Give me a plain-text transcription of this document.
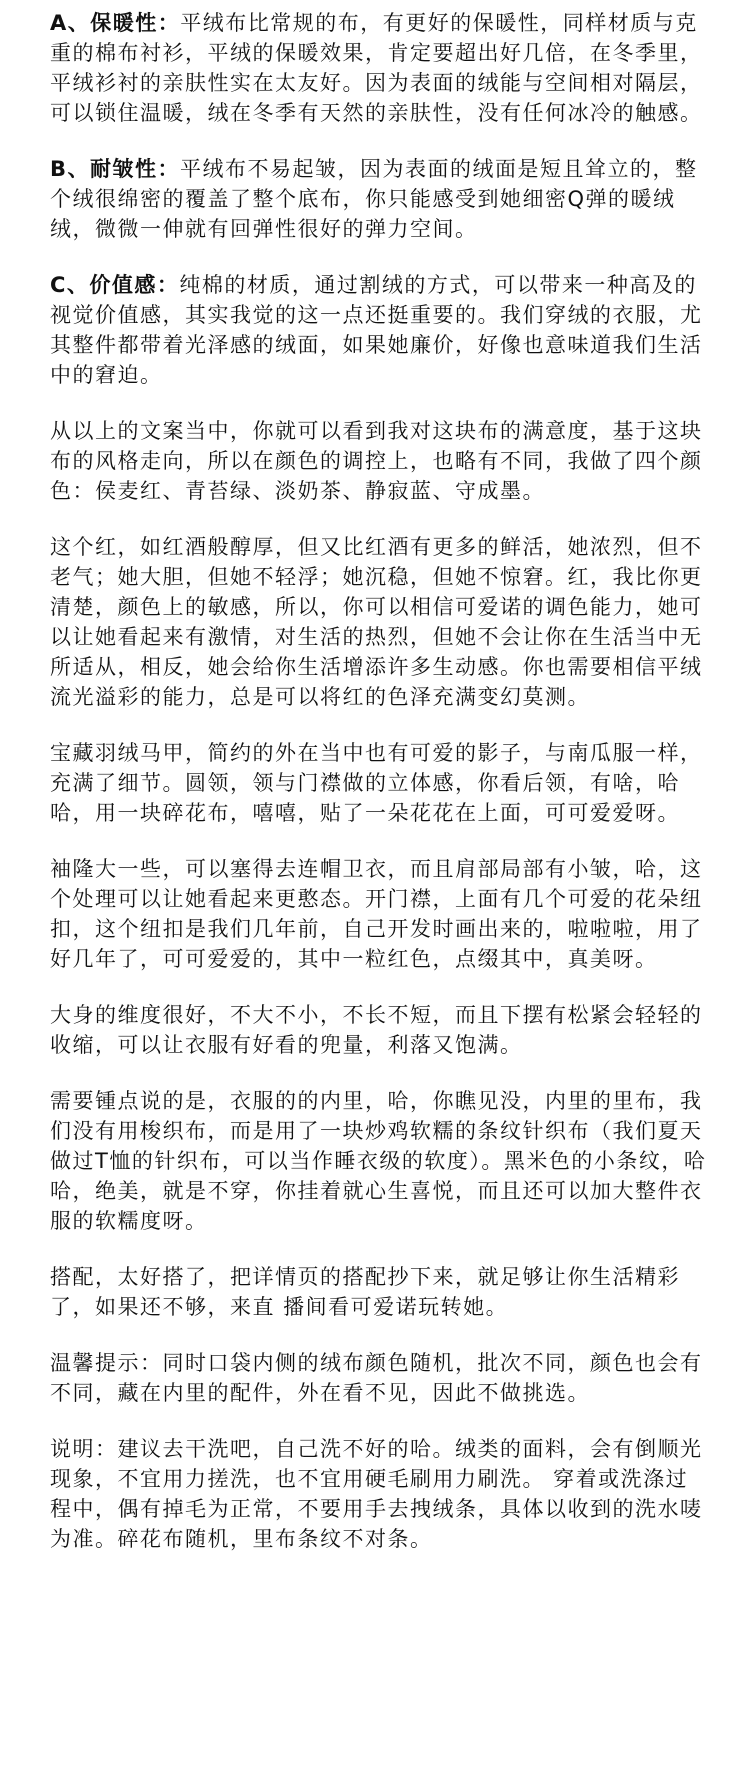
A、保暖性：平绒布比常规的布，有更好的保暖性，同样材质与克重的棉布衬衫，平绒的保暖效果，肯定要超出好几倍，在冬季里，平绒衫衬的亲肤性实在太友好。因为表面的绒能与空间相对隔层，可以锁住温暖，绒在冬季有天然的亲肤性，没有任何冰冷的触感。

B、耐皱性：平绒布不易起皱，因为表面的绒面是短且耸立的，整个绒很绵密的覆盖了整个底布，你只能感受到她细密Q弹的暖绒绒，微微一伸就有回弹性很好的弹力空间。

C、价值感：纯棉的材质，通过割绒的方式，可以带来一种高及的视觉价值感，其实我觉的这一点还挺重要的。我们穿绒的衣服，尤其整件都带着光泽感的绒面，如果她廉价，好像也意味道我们生活中的窘迫。

从以上的文案当中，你就可以看到我对这块布的满意度，基于这块布的风格走向，所以在颜色的调控上，也略有不同，我做了四个颜色：侯麦红、青苔绿、淡奶茶、静寂蓝、守成墨。

这个红，如红酒般醇厚，但又比红酒有更多的鲜活，她浓烈，但不老气；她大胆，但她不轻浮；她沉稳，但她不惊窘。红，我比你更清楚，颜色上的敏感，所以，你可以相信可爱诺的调色能力，她可以让她看起来有激情，对生活的热烈，但她不会让你在生活当中无所适从，相反，她会给你生活增添许多生动感。你也需要相信平绒流光溢彩的能力，总是可以将红的色泽充满变幻莫测。

宝藏羽绒马甲，简约的外在当中也有可爱的影子，与南瓜服一样，充满了细节。圆领，领与门襟做的立体感，你看后领，有啥，哈哈，用一块碎花布，嘻嘻，贴了一朵花花在上面，可可爱爱呀。

袖隆大一些，可以塞得去连帽卫衣，而且肩部局部有小皱，哈，这个处理可以让她看起来更憨态。开门襟，上面有几个可爱的花朵纽扣，这个纽扣是我们几年前，自己开发时画出来的，啦啦啦，用了好几年了，可可爱爱的，其中一粒红色，点缀其中，真美呀。

大身的维度很好，不大不小，不长不短，而且下摆有松紧会轻轻的收缩，可以让衣服有好看的兜量，利落又饱满。

需要锺点说的是，衣服的的内里，哈，你瞧见没，内里的里布，我们没有用梭织布，而是用了一块炒鸡软糯的条纹针织布（我们夏天做过T恤的针织布，可以当作睡衣级的软度）。黑米色的小条纹，哈哈，绝美，就是不穿，你挂着就心生喜悦，而且还可以加大整件衣服的软糯度呀。

搭配，太好搭了，把详情页的搭配抄下来，就足够让你生活精彩了，如果还不够，来直 播间看可爱诺玩转她。

温馨提示：同时口袋内侧的绒布颜色随机，批次不同，颜色也会有不同，藏在内里的配件，外在看不见，因此不做挑选。

说明：建议去干洗吧，自己洗不好的哈。绒类的面料，会有倒顺光现象，不宜用力搓洗，也不宜用硬毛刷用力刷洗。 穿着或洗涤过程中，偶有掉毛为正常，不要用手去拽绒条，具体以收到的洗水唛为准。碎花布随机，里布条纹不对条。
